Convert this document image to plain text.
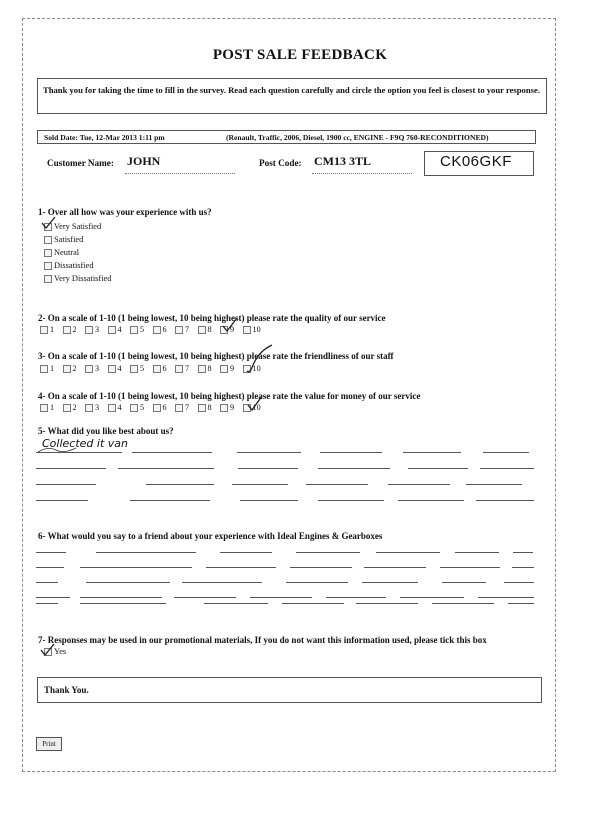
POST SALE FEEDBACK
Thank you for taking the time to fill in the survey. Read each question carefully and circle the option you feel is closest to your response.
Sold Date: Tue, 12-Mar 2013 1:11 pm	(Renault, Traffic, 2006, Diesel, 1900 cc, ENGINE - F9Q 760-RECONDITIONED)
Customer Name: JOHN	Post Code: CM13 3TL	CK06GKF
1- Over all how was your experience with us?
Very Satisfied
Satisfied
Neutral
Dissatisfied
Very Dissatisfied
2- On a scale of 1-10 (1 being lowest, 10 being highest) please rate the quality of our service
1 2 3 4 5 6 7 8 9 10
3- On a scale of 1-10 (1 being lowest, 10 being highest) please rate the friendliness of our staff
1 2 3 4 5 6 7 8 9 10
4- On a scale of 1-10 (1 being lowest, 10 being highest) please rate the value for money of our service
1 2 3 4 5 6 7 8 9 10
5- What did you like best about us?
Collected it van
6- What would you say to a friend about your experience with Ideal Engines & Gearboxes
7- Responses may be used in our promotional materials, If you do not want this information used, please tick this box
Yes
Thank You.
Print
